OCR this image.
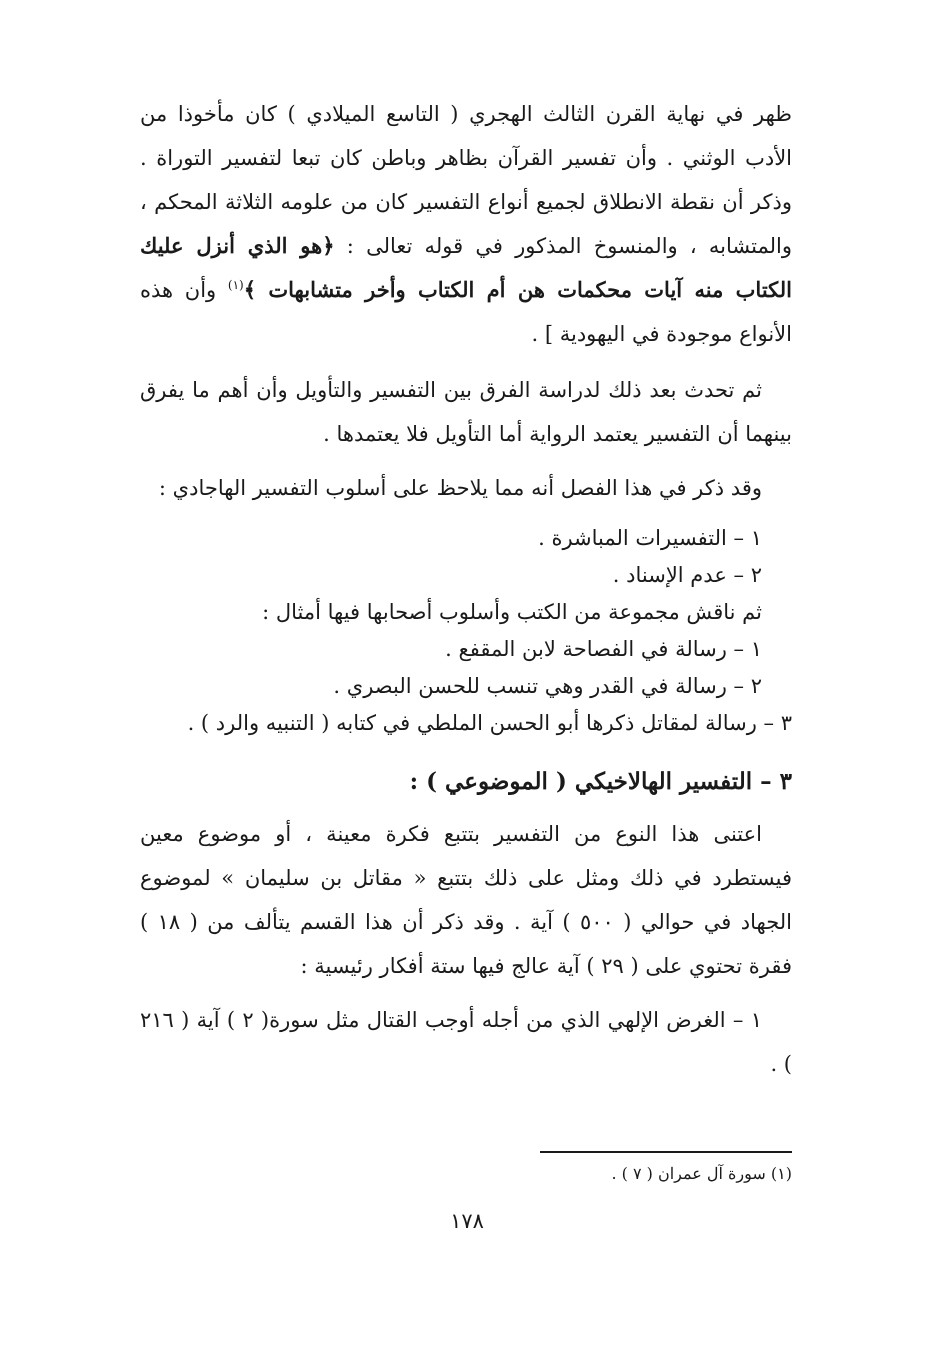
ظهر في نهاية القرن الثالث الهجري ( التاسع الميلادي ) كان مأخوذا من الأدب الوثني . وأن تفسير القرآن بظاهر وباطن كان تبعا لتفسير التوراة . وذكر أن نقطة الانطلاق لجميع أنواع التفسير كان من علومه الثلاثة المحكم ، والمتشابه ، والمنسوخ المذكور في قوله تعالى : ﴿هو الذي أنزل عليك الكتاب منه آيات محكمات هن أم الكتاب وأخر متشابهات ﴾$^{(١)}$ وأن هذه الأنواع موجودة في اليهودية ] .

ثم تحدث بعد ذلك لدراسة الفرق بين التفسير والتأويل وأن أهم ما يفرق بينهما أن التفسير يعتمد الرواية أما التأويل فلا يعتمدها .

وقد ذكر في هذا الفصل أنه مما يلاحظ على أسلوب التفسير الهاجادي :

١ – التفسيرات المباشرة .

٢ – عدم الإسناد .

ثم ناقش مجموعة من الكتب وأسلوب أصحابها فيها أمثال :

١ – رسالة في الفصاحة لابن المقفع .

٢ – رسالة في القدر وهي تنسب للحسن البصري .

٣ – رسالة لمقاتل ذكرها أبو الحسن الملطي في كتابه ( التنبيه والرد ) .

٣ – التفسير الهالاخيكي ( الموضوعي ) :

اعتنى هذا النوع من التفسير بتتبع فكرة معينة ، أو موضوع معين فيستطرد في ذلك ومثل على ذلك بتتبع « مقاتل بن سليمان » لموضوع الجهاد في حوالي ( ٥٠٠ ) آية . وقد ذكر أن هذا القسم يتألف من ( ١٨ ) فقرة تحتوي على ( ٢٩ ) آية عالج فيها ستة أفكار رئيسية :

١ – الغرض الإلهي الذي من أجله أوجب القتال مثل سورة( ٢ ) آية ( ٢١٦ ) .

(١) سورة آل عمران ( ٧ ) .
١٧٨
